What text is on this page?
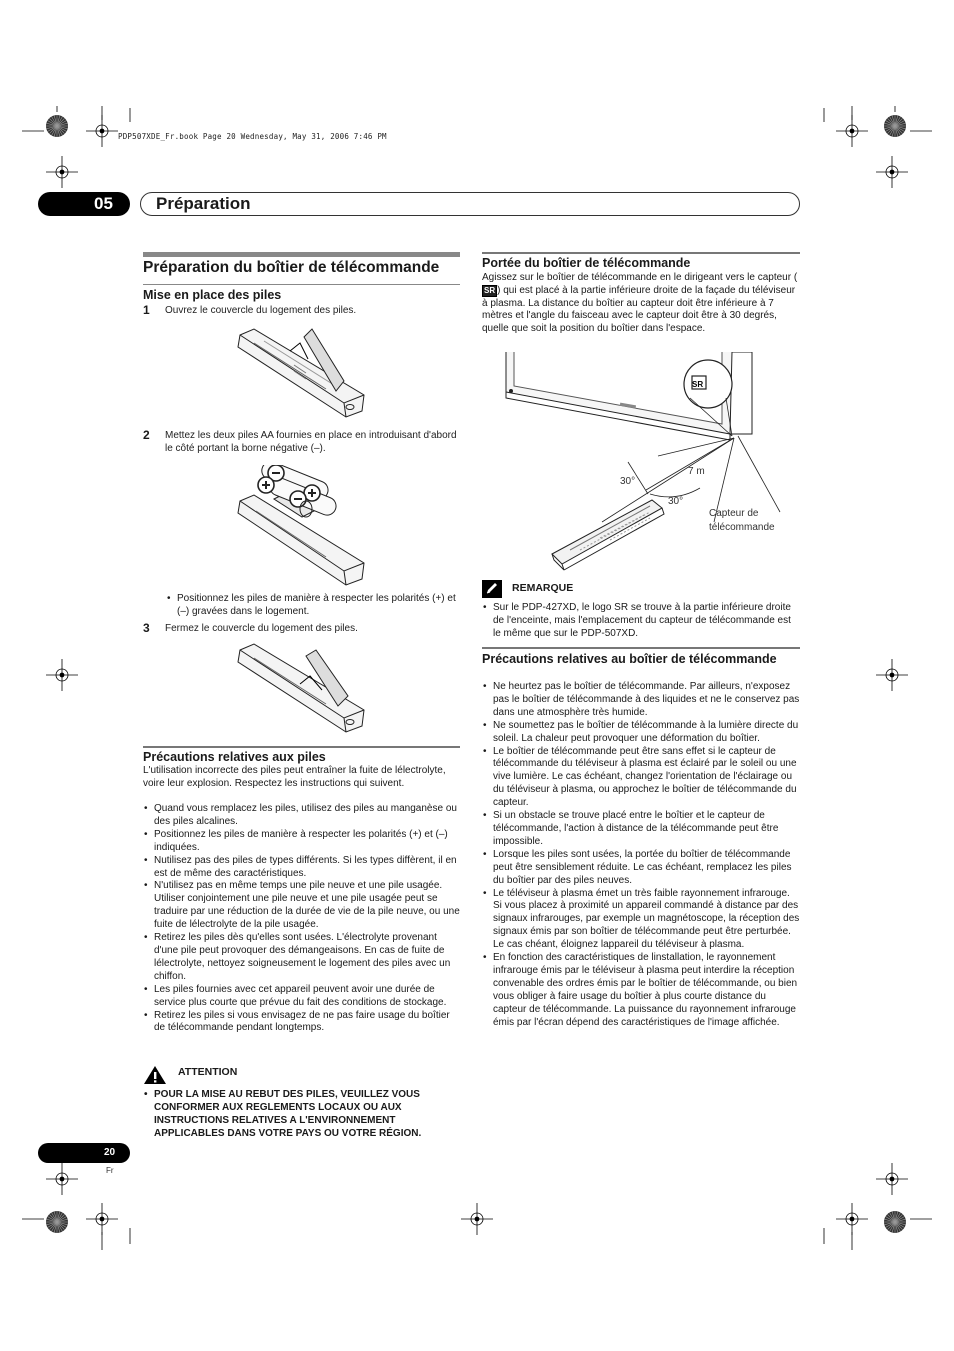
PDP507XDE_Fr.book Page 20 Wednesday, May 31, 2006 7:46 PM
05	Préparation
Préparation du boîtier de télécommande
Mise en place des piles
1 Ouvrez le couvercle du logement des piles.
2 Mettez les deux piles AA fournies en place en introduisant d'abord le côté portant la borne négative (–).
• Positionnez les piles de manière à respecter les polarités (+) et (–) gravées dans le logement.
3 Fermez le couvercle du logement des piles.
Précautions relatives aux piles
L'utilisation incorrecte des piles peut entraîner la fuite de lélectrolyte, voire leur explosion. Respectez les instructions qui suivent.
• Quand vous remplacez les piles, utilisez des piles au manganèse ou des piles alcalines.
• Positionnez les piles de manière à respecter les polarités (+) et (–) indiquées.
• Nutilisez pas des piles de types différents. Si les types diffèrent, il en est de même des caractéristiques.
• N'utilisez pas en même temps une pile neuve et une pile usagée. Utiliser conjointement une pile neuve et une pile usagée peut se traduire par une réduction de la durée de vie de la pile neuve, ou une fuite de lélectrolyte de la pile usagée.
• Retirez les piles dès qu'elles sont usées. L'électrolyte provenant d'une pile peut provoquer des démangeaisons. En cas de fuite de lélectrolyte, nettoyez soigneusement le logement des piles avec un chiffon.
• Les piles fournies avec cet appareil peuvent avoir une durée de service plus courte que prévue du fait des conditions de stockage.
• Retirez les piles si vous envisagez de ne pas faire usage du boîtier de télécommande pendant longtemps.
ATTENTION
• POUR LA MISE AU REBUT DES PILES, VEUILLEZ VOUS CONFORMER AUX REGLEMENTS LOCAUX OU AUX INSTRUCTIONS RELATIVES A L'ENVIRONNEMENT APPLICABLES DANS VOTRE PAYS OU VOTRE RÉGION.
Portée du boîtier de télécommande
Agissez sur le boîtier de télécommande en le dirigeant vers le capteur (SR ) qui est placé à la partie inférieure droite de la façade du téléviseur à plasma. La distance du boîtier au capteur doit être inférieure à 7 mètres et l'angle du faisceau avec le capteur doit être à 30 degrés, quelle que soit la position du boîtier dans l'espace.
SR
7 m
30°
30°
Capteur de
télécommande
REMARQUE
• Sur le PDP-427XD, le logo SR se trouve à la partie inférieure droite de l'enceinte, mais l'emplacement du capteur de télécommande est le même que sur le PDP-507XD.
Précautions relatives au boîtier de télécommande
• Ne heurtez pas le boîtier de télécommande. Par ailleurs, n'exposez pas le boîtier de télécommande à des liquides et ne le conservez pas dans une atmosphère très humide.
• Ne soumettez pas le boîtier de télécommande à la lumière directe du soleil. La chaleur peut provoquer une déformation du boîtier.
• Le boîtier de télécommande peut être sans effet si le capteur de télécommande du téléviseur à plasma est éclairé par le soleil ou une vive lumière. Le cas échéant, changez l'orientation de l'éclairage ou du téléviseur à plasma, ou approchez le boîtier de télécommande du capteur.
• Si un obstacle se trouve placé entre le boîtier et le capteur de télécommande, l'action à distance de la télécommande peut être impossible.
• Lorsque les piles sont usées, la portée du boîtier de télécommande peut être sensiblement réduite. Le cas échéant, remplacez les piles du boîtier par des piles neuves.
• Le téléviseur à plasma émet un très faible rayonnement infrarouge. Si vous placez à proximité un appareil commandé à distance par des signaux infrarouges, par exemple un magnétoscope, la réception des signaux émis par son boîtier de télécommande peut être perturbée. Le cas chéant, éloignez lappareil du téléviseur à plasma.
• En fonction des caractéristiques de linstallation, le rayonnement infrarouge émis par le téléviseur à plasma peut interdire la réception convenable des ordres émis par le boîtier de télécommande, ou bien vous obliger à faire usage du boîtier à plus courte distance du capteur de télécommande. La puissance du rayonnement infrarouge émis par l'écran dépend des caractéristiques de l'image affichée.
20
Fr
